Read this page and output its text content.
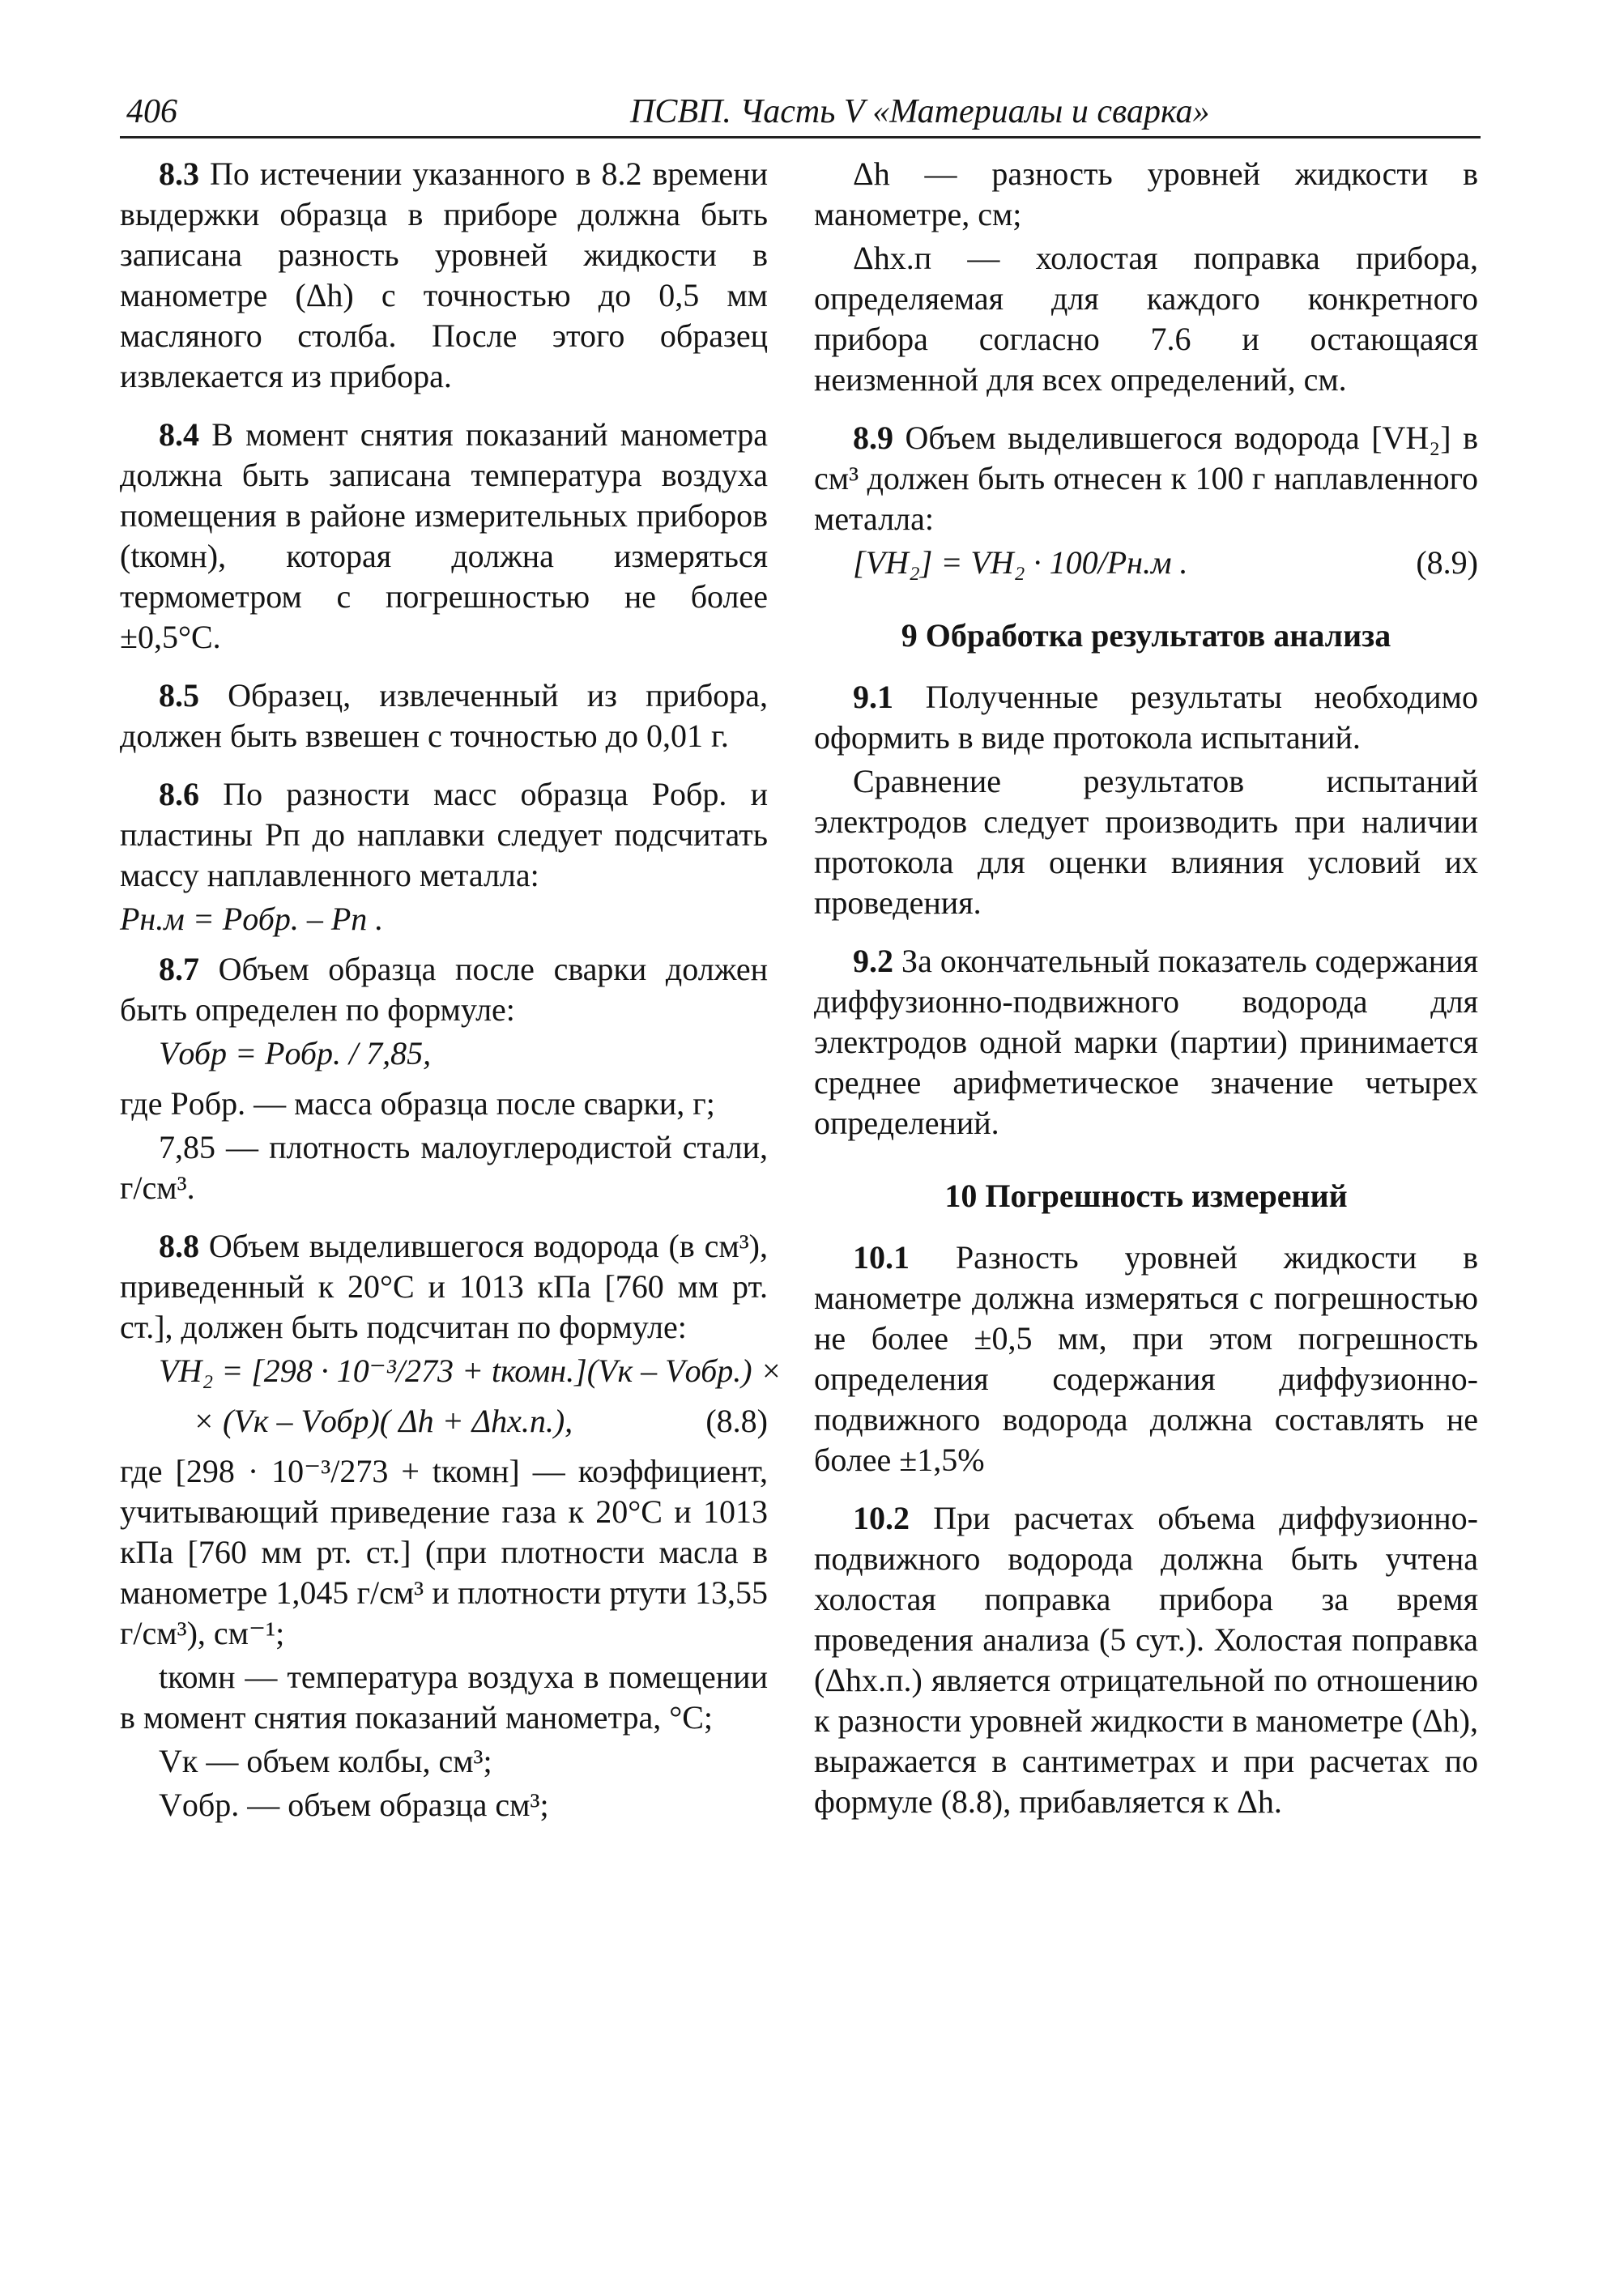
406	ПСВП. Часть V «Материалы и сварка»

8.3 По истечении указанного в 8.2 времени выдержки образца в приборе должна быть записана разность уровней жидкости в манометре (Δh) с точностью до 0,5 мм масляного столба. После этого образец извлекается из прибора.

8.4 В момент снятия показаний манометра должна быть записана температура воздуха помещения в районе измерительных приборов (tкомн), которая должна измеряться термометром с погрешностью не более ±0,5°С.

8.5 Образец, извлеченный из прибора, должен быть взвешен с точностью до 0,01 г.

8.6 По разности масс образца Pобр. и пластины Pп до наплавки следует подсчитать массу наплавленного металла:

Pн.м = Pобр. – Pп .

8.7 Объем образца после сварки должен быть определен по формуле:

Vобр = Pобр. / 7,85,

где Pобр. — масса образца после сварки, г;

7,85 — плотность малоуглеродистой стали, г/см³.

8.8 Объем выделившегося водорода (в см³), приведенный к 20°С и 1013 кПа [760 мм рт. ст.], должен быть подсчитан по формуле:

VH₂ = [298 · 10⁻³/273 + tкомн.](Vк – Vобр.) ×
× (Vк – Vобр)( Δh + Δhх.п.),	(8.8)

где [298 · 10⁻³/273 + tкомн] — коэффициент, учитывающий приведение газа к 20°С и 1013 кПа [760 мм рт. ст.] (при плотности масла в манометре 1,045 г/см³ и плотности ртути 13,55 г/см³), см⁻¹;

tкомн — температура воздуха в помещении в момент снятия показаний манометра, °С;

Vк — объем колбы, см³;

Vобр. — объем образца см³;

Δh — разность уровней жидкости в манометре, см;

Δhх.п — холостая поправка прибора, определяемая для каждого конкретного прибора согласно 7.6 и остающаяся неизменной для всех определений, см.

8.9 Объем выделившегося водорода [VH₂] в см³ должен быть отнесен к 100 г наплавленного металла:

[VH₂] = VH₂ · 100/Pн.м .	(8.9)
9 Обработка результатов анализа

9.1 Полученные результаты необходимо оформить в виде протокола испытаний.

Сравнение результатов испытаний электродов следует производить при наличии протокола для оценки влияния условий их проведения.

9.2 За окончательный показатель содержания диффузионно-подвижного водорода для электродов одной марки (партии) принимается среднее арифметическое значение четырех определений.

10 Погрешность измерений

10.1 Разность уровней жидкости в манометре должна измеряться с погрешностью не более ±0,5 мм, при этом погрешность определения содержания диффузионно-подвижного водорода должна составлять не более ±1,5%

10.2 При расчетах объема диффузионно-подвижного водорода должна быть учтена холостая поправка прибора за время проведения анализа (5 сут.). Холостая поправка (Δhх.п.) является отрицательной по отношению к разности уровней жидкости в манометре (Δh), выражается в сантиметрах и при расчетах по формуле (8.8), прибавляется к Δh.
